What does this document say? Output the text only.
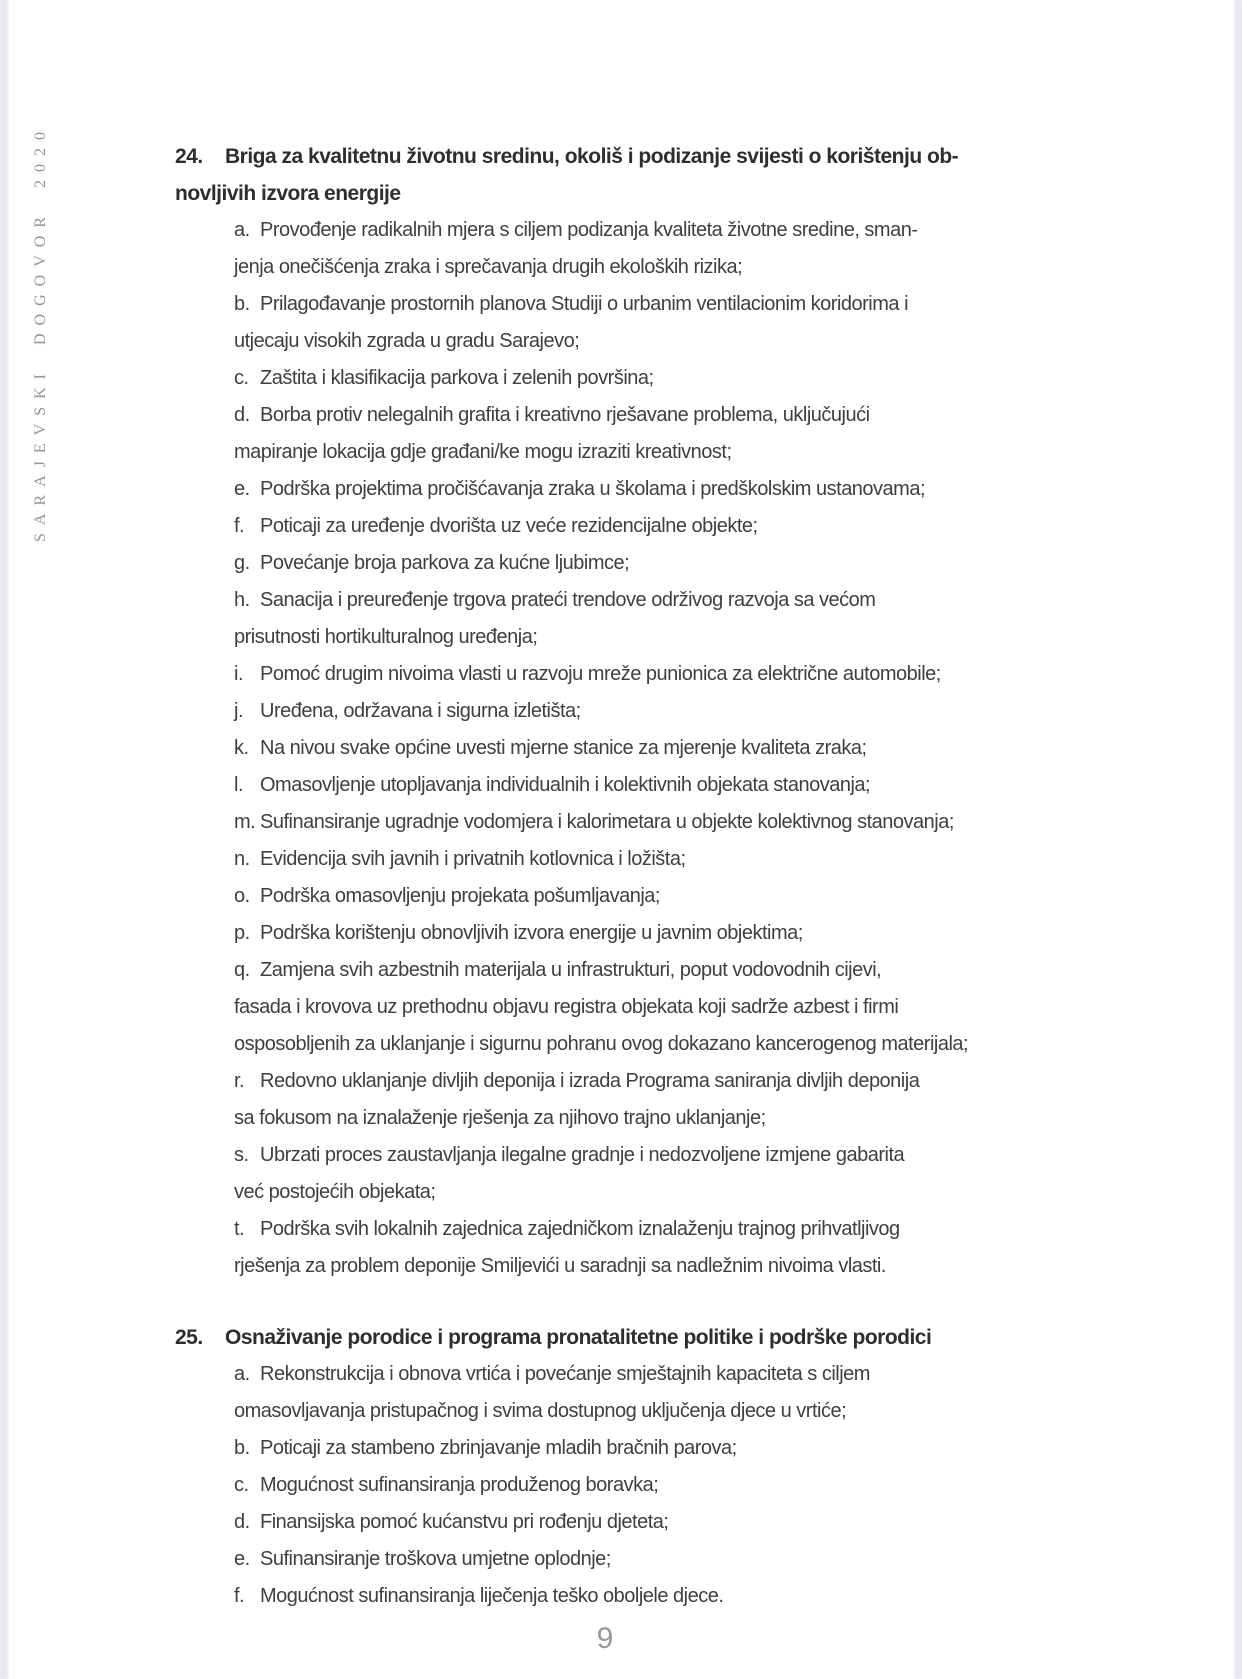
SARAJEVSKI DOGOVOR 2020	24. Briga za kvalitetnu životnu sredinu, okoliš i podizanje svijesti o korištenju ob-
novljivih izvora energije
a. Provođenje radikalnih mjera s ciljem podizanja kvaliteta životne sredine, sman-
jenja onečišćenja zraka i sprečavanja drugih ekoloških rizika;
b. Prilagođavanje prostornih planova Studiji o urbanim ventilacionim koridorima i
utjecaju visokih zgrada u gradu Sarajevo;
c. Zaštita i klasifikacija parkova i zelenih površina;
d. Borba protiv nelegalnih grafita i kreativno rješavane problema, uključujući
mapiranje lokacija gdje građani/ke mogu izraziti kreativnost;
e. Podrška projektima pročišćavanja zraka u školama i predškolskim ustanovama;
f. Poticaji za uređenje dvorišta uz veće rezidencijalne objekte;
g. Povećanje broja parkova za kućne ljubimce;
h. Sanacija i preuređenje trgova prateći trendove održivog razvoja sa većom
prisutnosti hortikulturalnog uređenja;
i. Pomoć drugim nivoima vlasti u razvoju mreže punionica za električne automobile;
j. Uređena, održavana i sigurna izletišta;
k. Na nivou svake općine uvesti mjerne stanice za mjerenje kvaliteta zraka;
l. Omasovljenje utopljavanja individualnih i kolektivnih objekata stanovanja;
m. Sufinansiranje ugradnje vodomjera i kalorimetara u objekte kolektivnog stanovanja;
n. Evidencija svih javnih i privatnih kotlovnica i ložišta;
o. Podrška omasovljenju projekata pošumljavanja;
p. Podrška korištenju obnovljivih izvora energije u javnim objektima;
q. Zamjena svih azbestnih materijala u infrastrukturi, poput vodovodnih cijevi,
fasada i krovova uz prethodnu objavu registra objekata koji sadrže azbest i firmi
osposobljenih za uklanjanje i sigurnu pohranu ovog dokazano kancerogenog materijala;
r. Redovno uklanjanje divljih deponija i izrada Programa saniranja divljih deponija
sa fokusom na iznalaženje rješenja za njihovo trajno uklanjanje;
s. Ubrzati proces zaustavljanja ilegalne gradnje i nedozvoljene izmjene gabarita
već postojećih objekata;
t. Podrška svih lokalnih zajednica zajedničkom iznalaženju trajnog prihvatljivog
rješenja za problem deponije Smiljevići u saradnji sa nadležnim nivoima vlasti.
25. Osnaživanje porodice i programa pronatalitetne politike i podrške porodici
a. Rekonstrukcija i obnova vrtića i povećanje smještajnih kapaciteta s ciljem
omasovljavanja pristupačnog i svima dostupnog uključenja djece u vrtiće;
b. Poticaji za stambeno zbrinjavanje mladih bračnih parova;
c. Mogućnost sufinansiranja produženog boravka;
d. Finansijska pomoć kućanstvu pri rođenju djeteta;
e. Sufinansiranje troškova umjetne oplodnje;
f. Mogućnost sufinansiranja liječenja teško oboljele djece.
9
